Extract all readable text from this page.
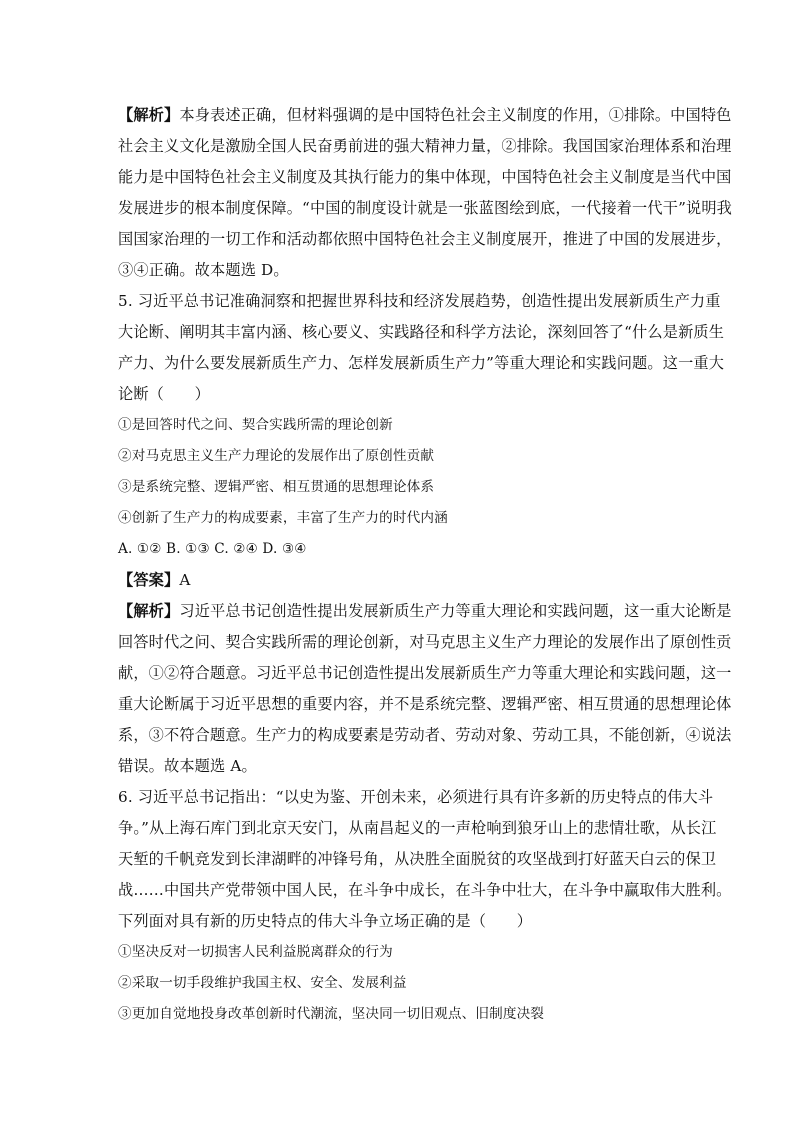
【解析】本身表述正确，但材料强调的是中国特色社会主义制度的作用，①排除。中国特色
社会主义文化是激励全国人民奋勇前进的强大精神力量，②排除。我国国家治理体系和治理
能力是中国特色社会主义制度及其执行能力的集中体现，中国特色社会主义制度是当代中国
发展进步的根本制度保障。“中国的制度设计就是一张蓝图绘到底，一代接着一代干”说明我
国国家治理的一切工作和活动都依照中国特色社会主义制度展开，推进了中国的发展进步，
③④正确。故本题选 D。
5. 习近平总书记准确洞察和把握世界科技和经济发展趋势，创造性提出发展新质生产力重
大论断、阐明其丰富内涵、核心要义、实践路径和科学方法论，深刻回答了“什么是新质生
产力、为什么要发展新质生产力、怎样发展新质生产力”等重大理论和实践问题。这一重大
论断（　　）
①是回答时代之问、契合实践所需的理论创新
②对马克思主义生产力理论的发展作出了原创性贡献
③是系统完整、逻辑严密、相互贯通的思想理论体系
④创新了生产力的构成要素，丰富了生产力的时代内涵
A. ①② B. ①③ C. ②④ D. ③④
【答案】A
【解析】习近平总书记创造性提出发展新质生产力等重大理论和实践问题，这一重大论断是
回答时代之问、契合实践所需的理论创新，对马克思主义生产力理论的发展作出了原创性贡
献，①②符合题意。习近平总书记创造性提出发展新质生产力等重大理论和实践问题，这一
重大论断属于习近平思想的重要内容，并不是系统完整、逻辑严密、相互贯通的思想理论体
系，③不符合题意。生产力的构成要素是劳动者、劳动对象、劳动工具，不能创新，④说法
错误。故本题选 A。
6. 习近平总书记指出：“以史为鉴、开创未来，必须进行具有许多新的历史特点的伟大斗
争。”从上海石库门到北京天安门，从南昌起义的一声枪响到狼牙山上的悲情壮歌，从长江
天堑的千帆竞发到长津湖畔的冲锋号角，从决胜全面脱贫的攻坚战到打好蓝天白云的保卫
战……中国共产党带领中国人民，在斗争中成长，在斗争中壮大，在斗争中赢取伟大胜利。
下列面对具有新的历史特点的伟大斗争立场正确的是（　　）
①坚决反对一切损害人民利益脱离群众的行为
②采取一切手段维护我国主权、安全、发展利益
③更加自觉地投身改革创新时代潮流，坚决同一切旧观点、旧制度决裂
